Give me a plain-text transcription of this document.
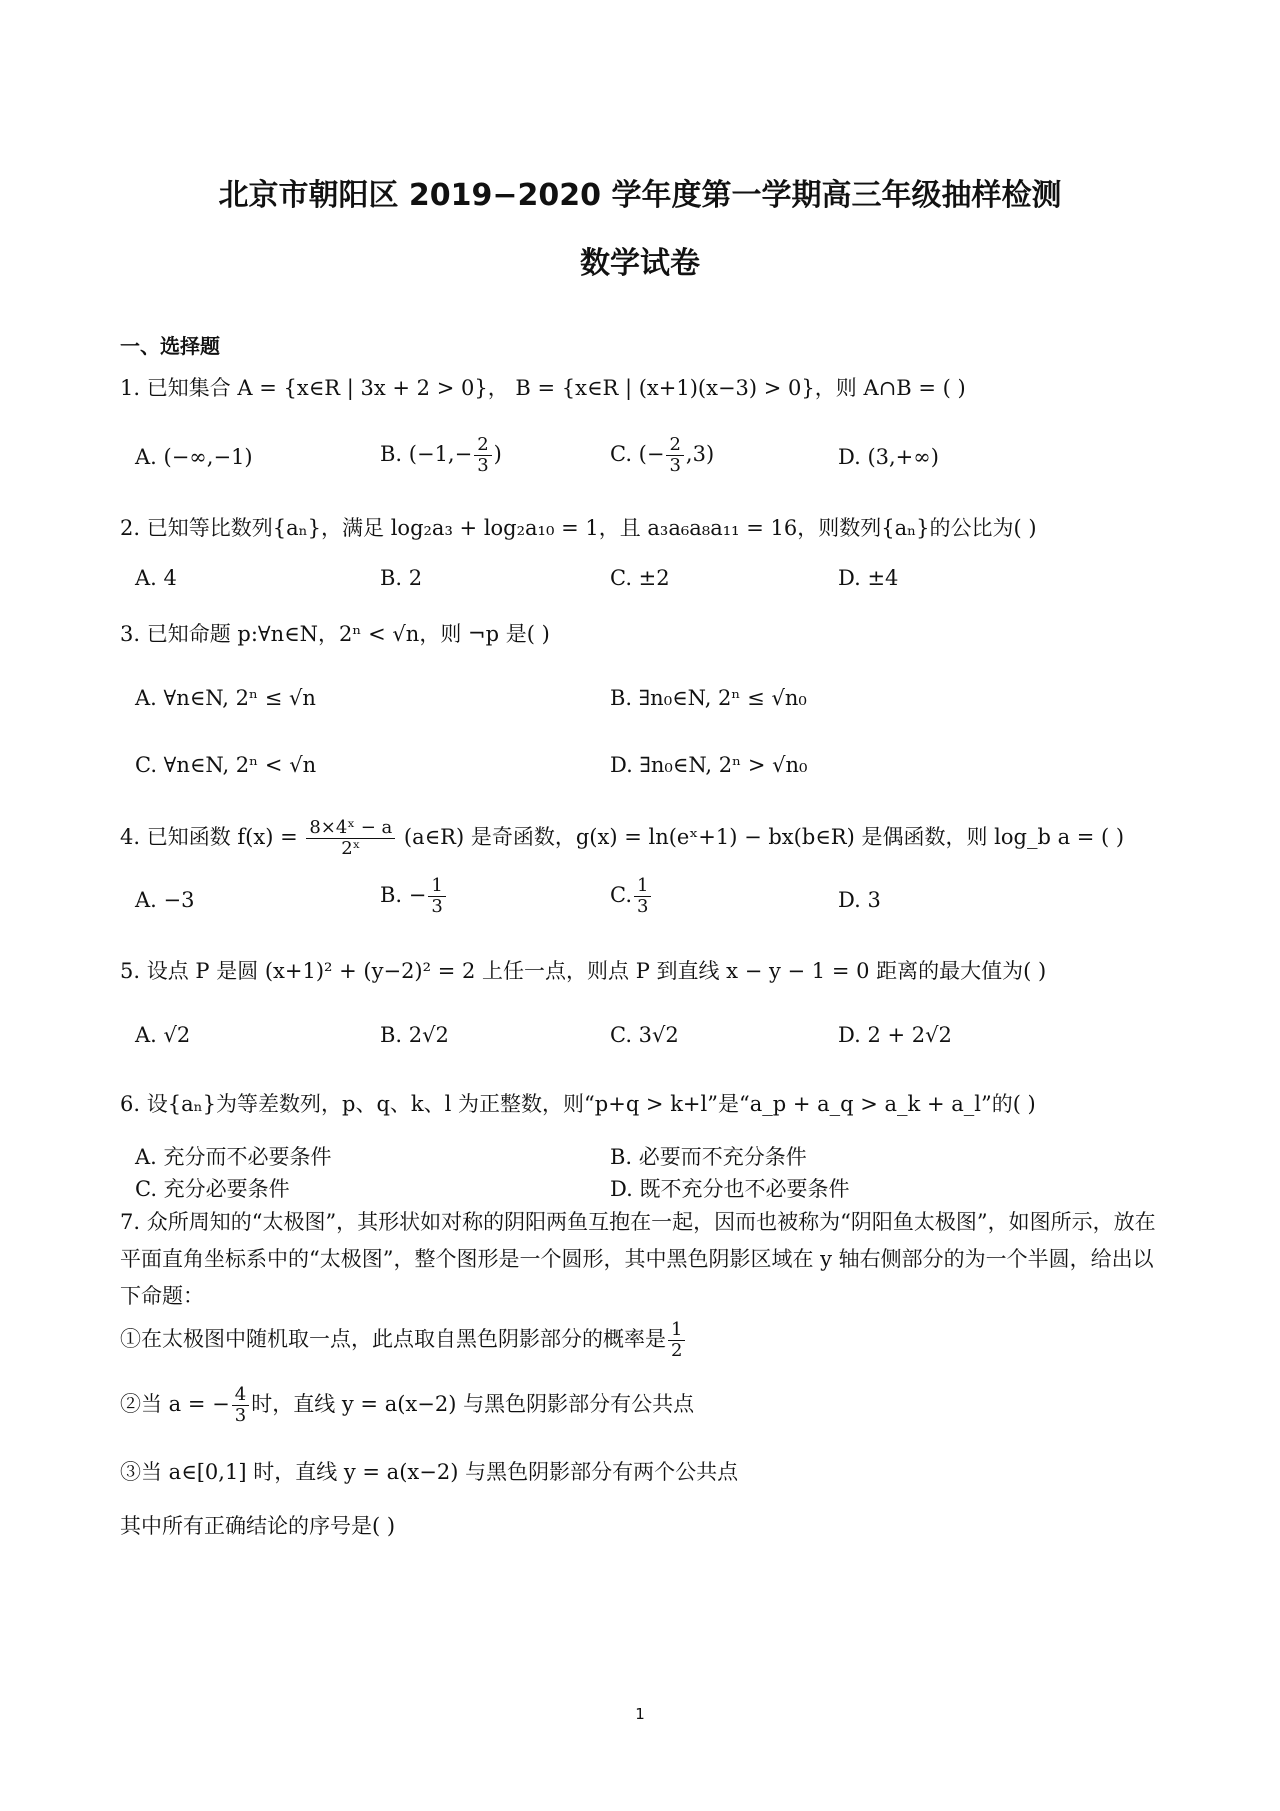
北京市朝阳区 2019−2020 学年度第一学期高三年级抽样检测
数学试卷
一、选择题
1. 已知集合 A = {x∈R | 3x + 2 > 0}， B = {x∈R | (x+1)(x−3) > 0}，则 A∩B = ( )
A. (−∞,−1)	B. ($-1,- \frac{2}{3}$ )	C. (− $\frac{2}{3} ,3$)	D. (3,+∞)
2. 已知等比数列{aₙ}，满足 log₂a₃ + log₂a₁₀ = 1，且 a₃a₆a₈a₁₁ = 16，则数列{aₙ}的公比为( )
A. 4	B. 2	C. ±2	D. ±4
3. 已知命题 p:∀n∈N，2ⁿ < √n，则 ¬p 是( )
A. ∀n∈N, 2ⁿ ≤ √n	B. ∃n₀∈N, 2ⁿ ≤ √n₀
C. ∀n∈N, 2ⁿ < √n	D. ∃n₀∈N, 2ⁿ > √n₀
4. 已知函数 $f(x) = \frac{\text{8×4ˣ − a}}{\text{2ˣ}}$ (a∈R) 是奇函数，g(x) = ln(eˣ+1) − bx(b∈R) 是偶函数，则 log_b a = ( )
A. −3	B. − $\frac{1}{3}$	C. $\frac{1}{3}$	D. 3
5. 设点 P 是圆 (x+1)² + (y−2)² = 2 上任一点，则点 P 到直线 x − y − 1 = 0 距离的最大值为( )
A. √2	B. 2√2	C. 3√2	D. 2 + 2√2
6. 设{aₙ}为等差数列，p、q、k、l 为正整数，则“p+q > k+l”是“a_p + a_q > a_k + a_l”的( )
A. 充分而不必要条件	B. 必要而不充分条件
C. 充分必要条件	D. 既不充分也不必要条件
7. 众所周知的“太极图”，其形状如对称的阴阳两鱼互抱在一起，因而也被称为“阴阳鱼太极图”，如图所示，放在平面直角坐标系中的“太极图”，整个图形是一个圆形，其中黑色阴影区域在 y 轴右侧部分的为一个半圆，给出以下命题：
①在太极图中随机取一点，此点取自黑色阴影部分的概率是 $\frac{1}{2}$
②当 a = − $\frac{4}{3}$ 时，直线 y = a(x−2) 与黑色阴影部分有公共点
③当 a∈[0,1] 时，直线 y = a(x−2) 与黑色阴影部分有两个公共点
其中所有正确结论的序号是( )
1
